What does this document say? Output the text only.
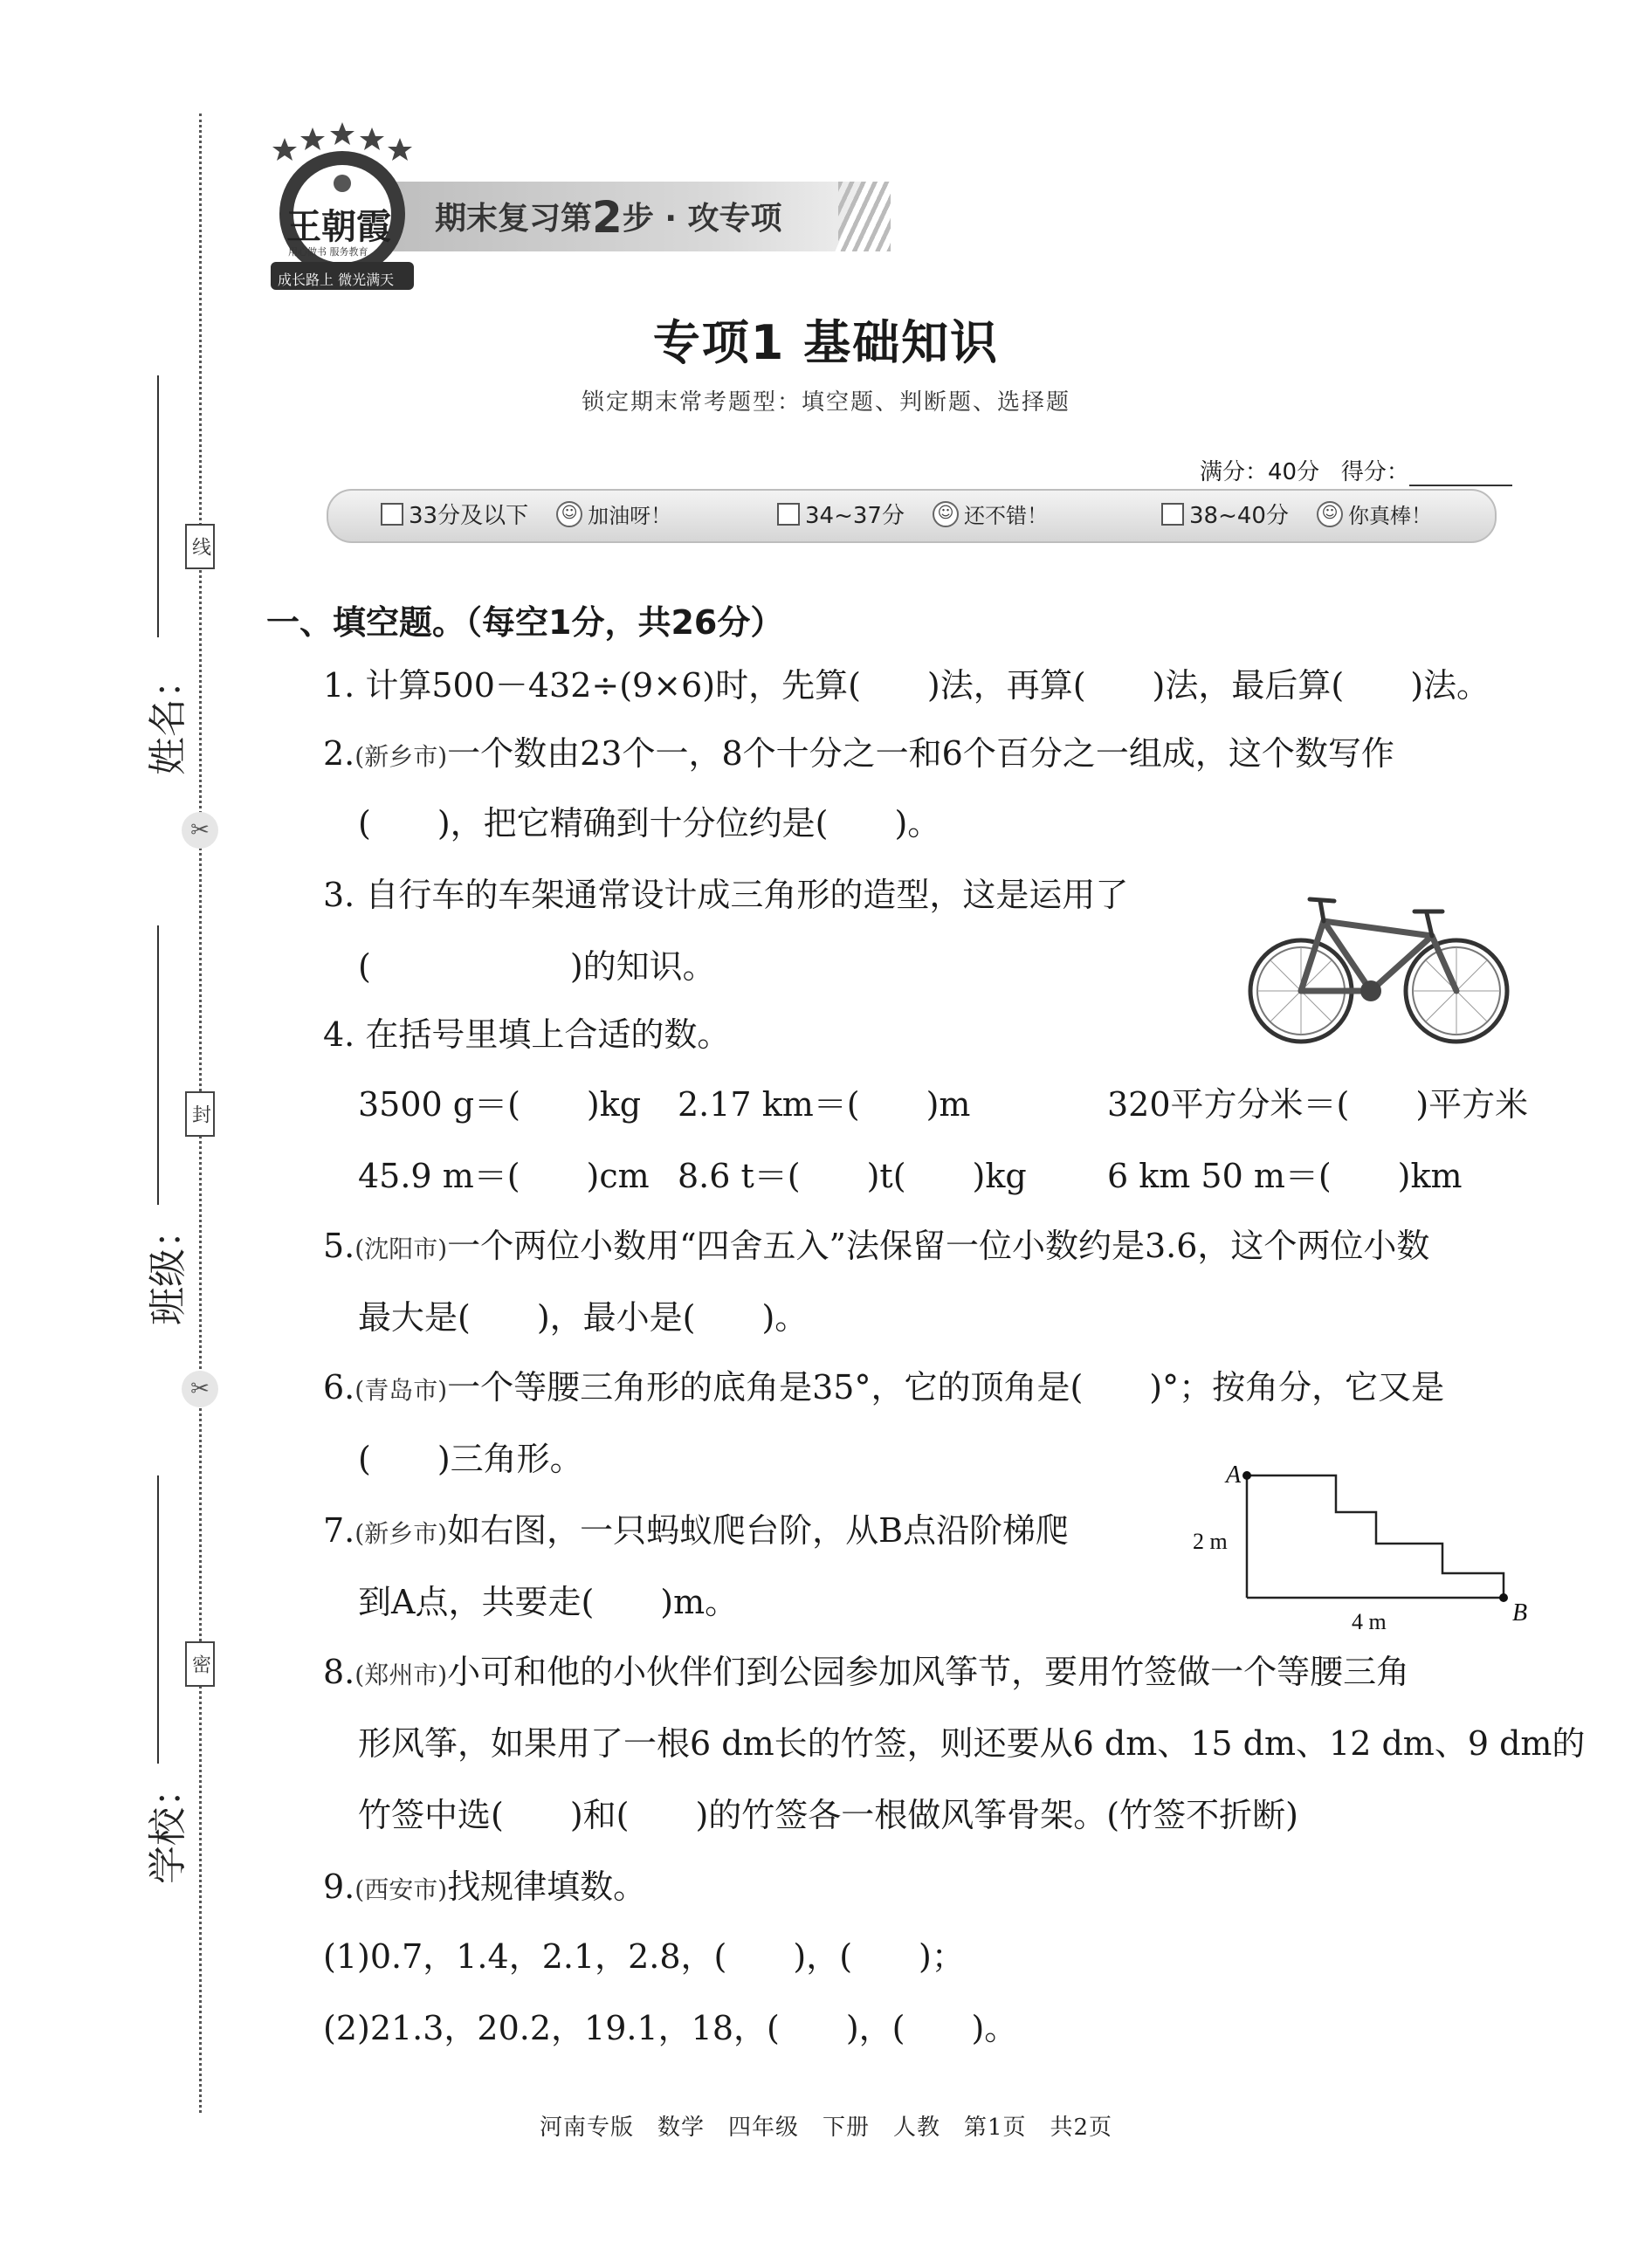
姓名：
线
✂
班级：
封
✂
学校：
密
期末复习第2步 · 攻专项
王朝霞
用心做书 服务教育
成长路上 微光满天
专项1 基础知识
锁定期末常考题型：填空题、判断题、选择题
满分：40分 得分：
33分及以下	☺ 加油呀！	34~37分	☺ 还不错！	38~40分	☺ 你真棒！
一、填空题。（每空1分，共26分）
1. 计算500－432÷(9×6)时，先算(　　)法，再算(　　)法，最后算(　　)法。
2.(新乡市)一个数由23个一，8个十分之一和6个百分之一组成，这个数写作
(　　)，把它精确到十分位约是(　　)。
3. 自行车的车架通常设计成三角形的造型，这是运用了
(　　　　　　)的知识。
4. 在括号里填上合适的数。
3500 g＝(　　)kg 2.17 km＝(　　)m	320平方分米＝(　　)平方米
45.9 m＝(　　)cm 8.6 t＝(　　)t(　　)kg 6 km 50 m＝(　　)km
5.(沈阳市)一个两位小数用“四舍五入”法保留一位小数约是3.6，这个两位小数
最大是(　　)，最小是(　　)。
6.(青岛市)一个等腰三角形的底角是35°，它的顶角是(　　)°；按角分，它又是
(　　)三角形。
7.(新乡市)如右图，一只蚂蚁爬台阶，从B点沿阶梯爬
到A点，共要走(　　)m。
A
B
2 m
4 m
8.(郑州市)小可和他的小伙伴们到公园参加风筝节，要用竹签做一个等腰三角
形风筝，如果用了一根6 dm长的竹签，则还要从6 dm、15 dm、12 dm、9 dm的
竹签中选(　　)和(　　)的竹签各一根做风筝骨架。(竹签不折断)
9.(西安市)找规律填数。
(1)0.7，1.4，2.1，2.8，(　　)，(　　)；
(2)21.3，20.2，19.1，18，(　　)，(　　)。
河南专版　数学　四年级　下册　人教　第1页　共2页
